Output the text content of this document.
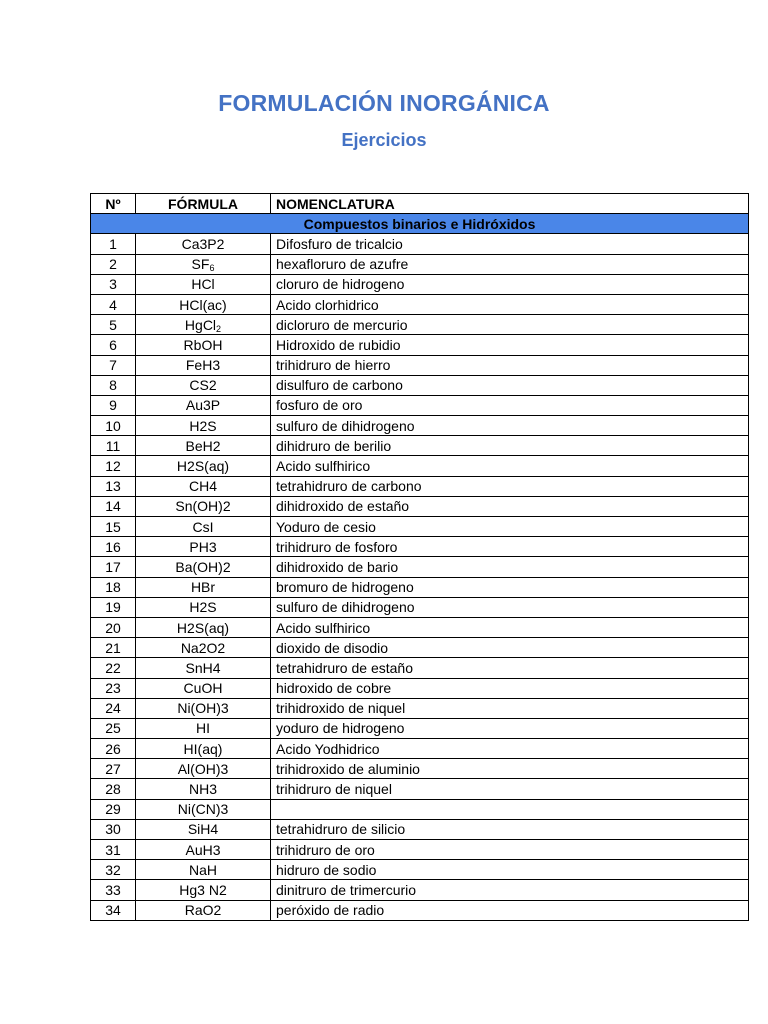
FORMULACIÓN INORGÁNICA
Ejercicios
Nº	FÓRMULA	NOMENCLATURA
Compuestos binarios e Hidróxidos		
1	Ca3P2	Difosfuro de tricalcio
2	$SF_6$	hexafloruro de azufre
3	HCl	cloruro de hidrogeno
4	HCl(ac)	Acido clorhidrico
5	HgCl$_2$	dicloruro de mercurio
6	RbOH	Hidroxido de rubidio
7	FeH3	trihidruro de hierro
8	CS2	disulfuro de carbono
9	Au3P	fosfuro de oro
10	H2S	sulfuro de dihidrogeno
11	BeH2	dihidruro de berilio
12	H2S(aq)	Acido sulfhirico
13	CH4	tetrahidruro de carbono
14	Sn(OH)2	dihidroxido de estaño
15	CsI	Yoduro de cesio
16	PH3	trihidruro de fosforo
17	Ba(OH)2	dihidroxido de bario
18	HBr	bromuro de hidrogeno
19	H2S	sulfuro de dihidrogeno
20	H2S(aq)	Acido sulfhirico
21	Na2O2	dioxido de disodio
22	SnH4	tetrahidruro de estaño
23	CuOH	hidroxido de cobre
24	Ni(OH)3	trihidroxido de niquel
25	HI	yoduro de hidrogeno
26	HI(aq)	Acido Yodhidrico
27	Al(OH)3	trihidroxido de aluminio
28	NH3	trihidruro de niquel
29	Ni(CN)3	
30	SiH4	tetrahidruro de silicio
31	AuH3	trihidruro de oro
32	NaH	hidruro de sodio
33	Hg3 N2	dinitruro de trimercurio
34	RaO2	peróxido de radio
